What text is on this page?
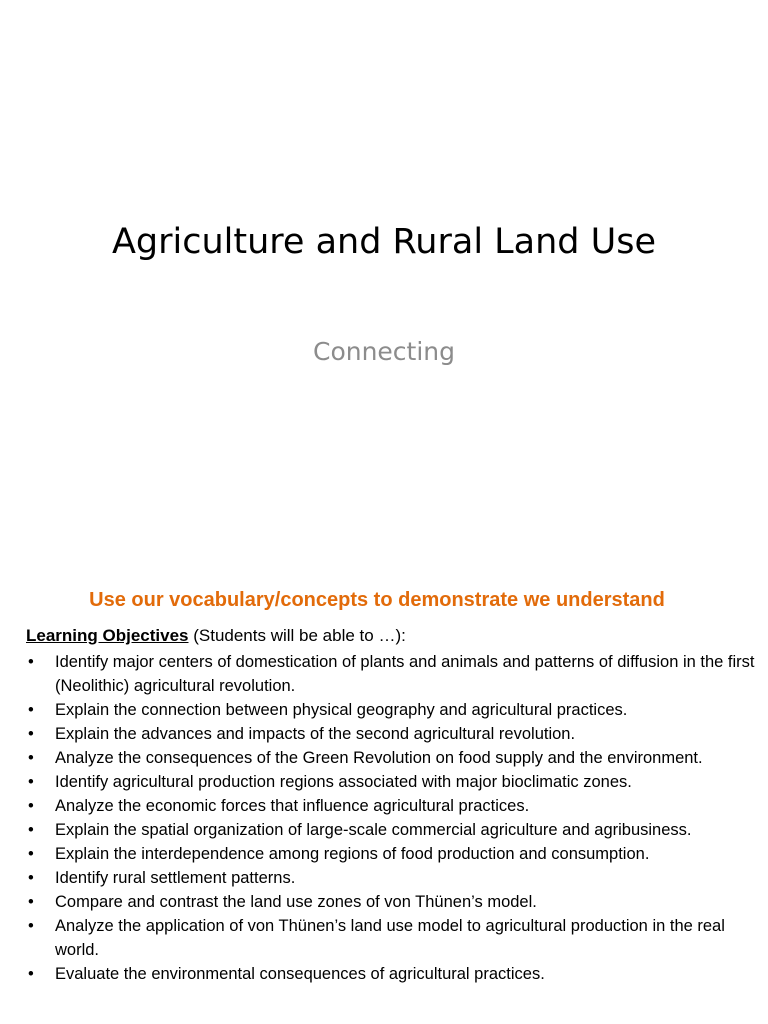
Agriculture and Rural Land Use
Connecting
Use our vocabulary/concepts to demonstrate we understand
Learning Objectives (Students will be able to …):
• Identify major centers of domestication of plants and animals and patterns of diffusion in the first (Neolithic) agricultural revolution.
• Explain the connection between physical geography and agricultural practices.
• Explain the advances and impacts of the second agricultural revolution.
• Analyze the consequences of the Green Revolution on food supply and the environment.
• Identify agricultural production regions associated with major bioclimatic zones.
• Analyze the economic forces that influence agricultural practices.
• Explain the spatial organization of large-scale commercial agriculture and agribusiness.
• Explain the interdependence among regions of food production and consumption.
• Identify rural settlement patterns.
• Compare and contrast the land use zones of von Thünen’s model.
• Analyze the application of von Thünen’s land use model to agricultural production in the real world.
• Evaluate the environmental consequences of agricultural practices.
